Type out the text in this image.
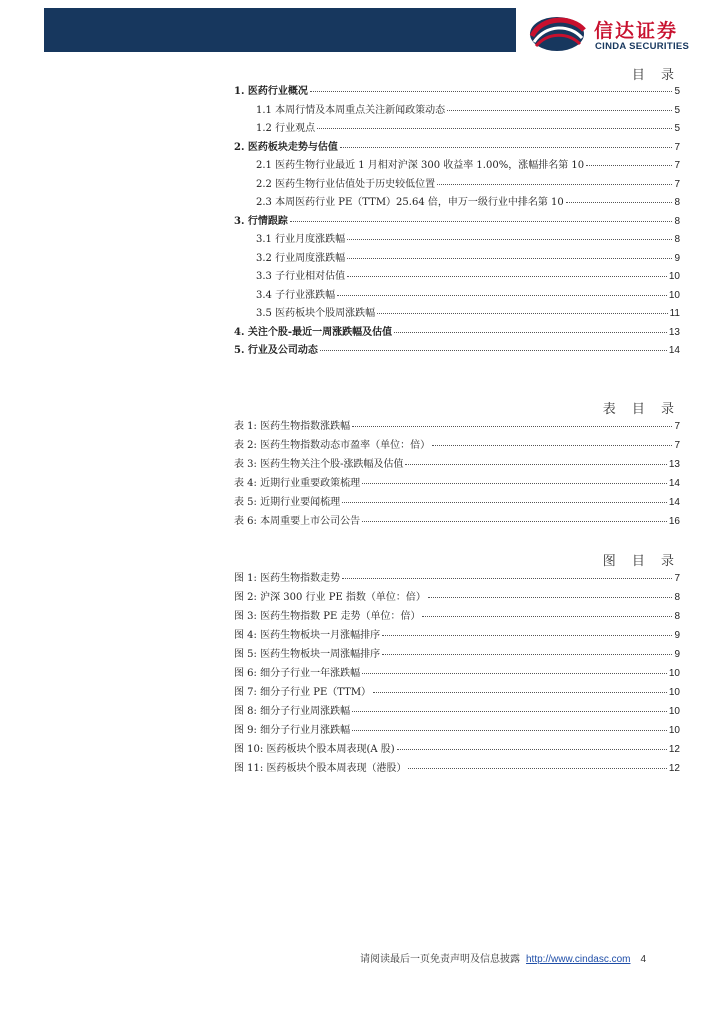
信达证券
CINDA SECURITIES
目 录
1. 医药行业概况	5
1.1 本周行情及本周重点关注新闻政策动态	5
1.2 行业观点	5
2. 医药板块走势与估值	7
2.1 医药生物行业最近 1 月相对沪深 300 收益率 1.00%，涨幅排名第 10	7
2.2 医药生物行业估值处于历史较低位置	7
2.3 本周医药行业 PE（TTM）25.64 倍，申万一级行业中排名第 10	8
3. 行情跟踪	8
3.1 行业月度涨跌幅	8
3.2 行业周度涨跌幅	9
3.3 子行业相对估值	10
3.4 子行业涨跌幅	10
3.5 医药板块个股周涨跌幅	11
4. 关注个股-最近一周涨跌幅及估值	13
5. 行业及公司动态	14
表 目 录
表 1: 医药生物指数涨跌幅	7
表 2: 医药生物指数动态市盈率（单位：倍）	7
表 3: 医药生物关注个股-涨跌幅及估值	13
表 4: 近期行业重要政策梳理	14
表 5: 近期行业要闻梳理	14
表 6: 本周重要上市公司公告	16
图 目 录
图 1: 医药生物指数走势	7
图 2: 沪深 300 行业 PE 指数（单位：倍）	8
图 3: 医药生物指数 PE 走势（单位：倍）	8
图 4: 医药生物板块一月涨幅排序	9
图 5: 医药生物板块一周涨幅排序	9
图 6: 细分子行业一年涨跌幅	10
图 7: 细分子行业 PE（TTM）	10
图 8: 细分子行业周涨跌幅	10
图 9: 细分子行业月涨跌幅	10
图 10: 医药板块个股本周表现(A 股)	12
图 11: 医药板块个股本周表现（港股）	12
请阅读最后一页免责声明及信息披露 http://www.cindasc.com 4
